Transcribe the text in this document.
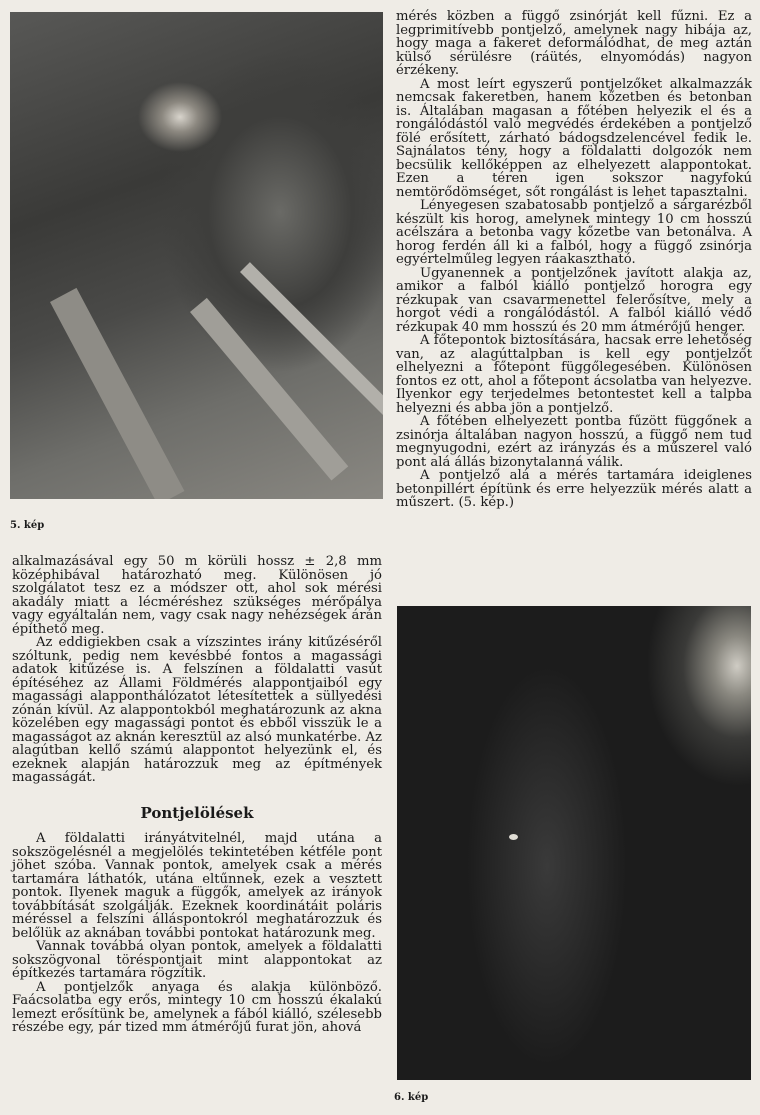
5. kép

mérés közben a függő zsinórját kell fűzni. Ez a legprimitívebb pontjelző, amelynek nagy hibája az, hogy maga a fakeret deformálódhat, de meg aztán külső sérülésre (ráütés, elnyomódás) nagyon érzékeny.

A most leírt egyszerű pontjelzőket alkalmazzák nemcsak fakeretben, hanem kőzetben és betonban is. Általában magasan a főtében helyezik el és a rongálódástól való megvédés érdekében a pontjelző fölé erősített, zárható bádogsdzelencével fedik le. Sajnálatos tény, hogy a földalatti dolgozók nem becsülik kellőképpen az elhelyezett alappontokat. Ezen a téren igen sokszor nagyfokú nemtörődömséget, sőt rongálást is lehet tapasztalni.

Lényegesen szabatosabb pontjelző a sárgarézből készült kis horog, amelynek mintegy 10 cm hosszú acélszára a betonba vagy kőzetbe van betonálva. A horog ferdén áll ki a falból, hogy a függő zsinórja egyértelműleg legyen ráakasztható.

Ugyanennek a pontjelzőnek javított alakja az, amikor a falból kiálló pontjelző horogra egy rézkupak van csavarmenettel felerősítve, mely a horgot védi a rongálódástól. A falból kiálló védő rézkupak 40 mm hosszú és 20 mm átmérőjű henger.

A főtepontok biztosítására, hacsak erre lehetőség van, az alagúttalpban is kell egy pontjelzőt elhelyezni a főtepont függőlegesében. Különösen fontos ez ott, ahol a főtepont ácsolatba van helyezve. Ilyenkor egy terjedelmes betontestet kell a talpba helyezni és abba jön a pontjelző.

A főtében elhelyezett pontba fűzött függőnek a zsinórja általában nagyon hosszú, a függő nem tud megnyugodni, ezért az irányzás és a műszerel való pont alá állás bizonytalanná válik.

A pontjelző alá a mérés tartamára ideiglenes betonpillért építünk és erre helyezzük mérés alatt a műszert. (5. kép.)

alkalmazásával egy 50 m körüli hossz ± 2,8 mm középhibával határozható meg. Különösen jó szolgálatot tesz ez a módszer ott, ahol sok mérési akadály miatt a lécméréshez szükséges mérőpálya vagy egyáltalán nem, vagy csak nagy nehézségek árán építhető meg.

Az eddigiekben csak a vízszintes irány kitűzéséről szóltunk, pedig nem kevésbbé fontos a magassági adatok kitűzése is. A felszínen a földalatti vasút építéséhez az Állami Földmérés alappontjaiból egy magassági alapponthálózatot létesítettek a süllyedési zónán kívül. Az alappontokból meghatározunk az akna közelében egy magassági pontot és ebből visszük le a magasságot az aknán keresztül az alsó munkatérbe. Az alagútban kellő számú alappontot helyezünk el, és ezeknek alapján határozzuk meg az építmények magasságát.

Pontjelölések

A földalatti irányátvitelnél, majd utána a sokszögelésnél a megjelölés tekintetében kétféle pont jöhet szóba. Vannak pontok, amelyek csak a mérés tartamára láthatók, utána eltűnnek, ezek a vesztett pontok. Ilyenek maguk a függők, amelyek az irányok továbbítását szolgálják. Ezeknek koordinátáit poláris méréssel a felszíni álláspontokról meghatározzuk és belőlük az aknában további pontokat határozunk meg.

Vannak továbbá olyan pontok, amelyek a földalatti sokszögvonal töréspontjait mint alappontokat az építkezés tartamára rögzítik.

A pontjelzők anyaga és alakja különböző. Faácsolatba egy erős, mintegy 10 cm hosszú ékalakú lemezt erősítünk be, amelynek a fából kiálló, szélesebb részébe egy, pár tized mm átmérőjű furat jön, ahová

6. kép
